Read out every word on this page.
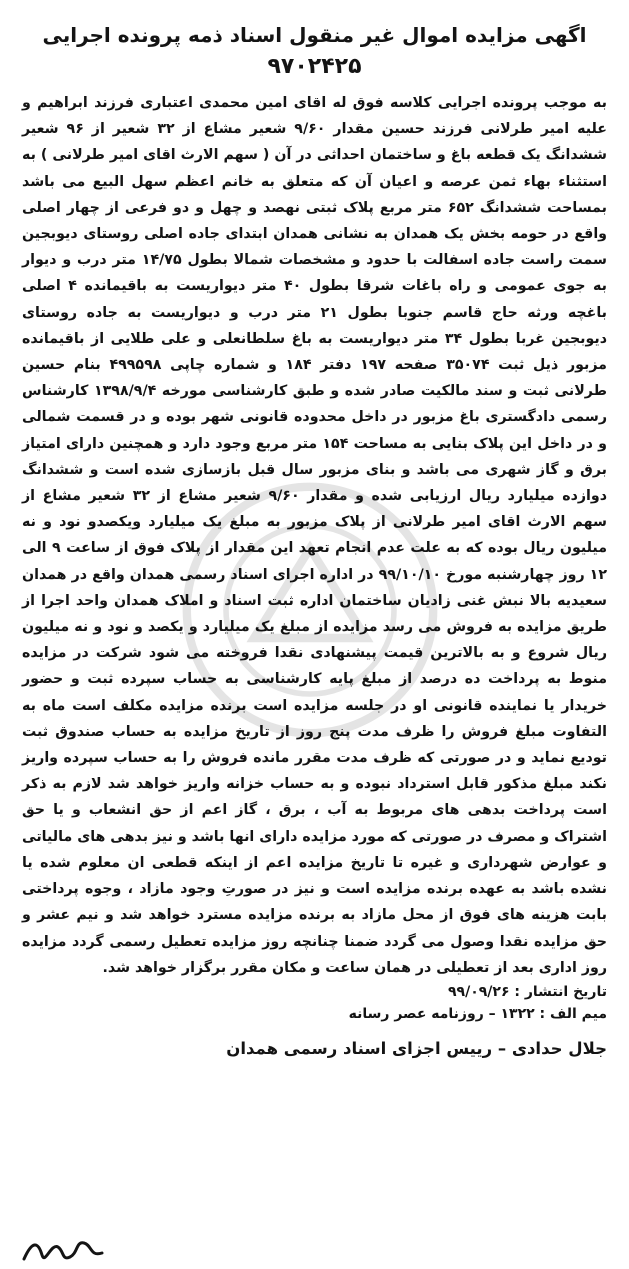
اگهی مزایده اموال غیر منقول اسناد ذمه پرونده اجرایی
۹۷۰۲۴۲۵

به موجب پرونده اجرایی کلاسه فوق له اقای امین محمدی اعتباری فرزند ابراهیم و علیه امیر طرلانی فرزند حسین مقدار ۹/۶۰ شعیر مشاع از ۳۲ شعیر از ۹۶ شعیر ششدانگ یک قطعه باغ و ساختمان احداثی در آن ( سهم الارث اقای امیر طرلانی ) به استثناء بهاء ثمن عرصه و اعیان آن که متعلق به خانم اعظم سهل البیع می باشد بمساحت ششدانگ ۶۵۲ متر مربع پلاک ثبتی نهصد و چهل و دو فرعی از چهار اصلی واقع در حومه بخش یک همدان به نشانی همدان ابتدای جاده اصلی روستای دیوبجین سمت راست جاده اسفالت با حدود و مشخصات شمالا بطول ۱۴/۷۵ متر درب و دیوار به جوی عمومی و راه باغات شرقا بطول ۴۰ متر دیواریست به باقیمانده ۴ اصلی باغچه ورثه حاج قاسم جنوبا بطول ۲۱ متر درب و دیواریست به جاده روستای دیوبجین غربا بطول ۳۴ متر دیواریست به باغ سلطانعلی و علی طلایی از باقیمانده مزبور ذیل ثبت ۳۵۰۷۴ صفحه ۱۹۷ دفتر ۱۸۴ و شماره چاپی ۴۹۹۵۹۸ بنام حسین طرلانی ثبت و سند مالکیت صادر شده و طبق کارشناسی مورخه ۱۳۹۸/۹/۴ کارشناس رسمی دادگستری باغ مزبور در داخل محدوده قانونی شهر بوده و در قسمت شمالی و در داخل این پلاک بنایی به مساحت ۱۵۴ متر مربع وجود دارد و همچنین دارای امتیاز برق و گاز شهری می باشد و بنای مزبور سال قبل بازسازی شده است و ششدانگ دوازده میلیارد ریال ارزیابی شده و مقدار ۹/۶۰ شعیر مشاع از ۳۲ شعیر مشاع از سهم الارث اقای امیر طرلانی از پلاک مزبور به مبلغ یک میلیارد ویکصدو نود و نه میلیون ریال بوده که به علت عدم انجام تعهد این مقدار از پلاک فوق از ساعت ۹ الی ۱۲ روز چهارشنبه مورخ ۹۹/۱۰/۱۰ در اداره اجرای اسناد رسمی همدان واقع در همدان سعیدیه بالا نبش غنی زادیان ساختمان اداره ثبت اسناد و املاک همدان واحد اجرا از طریق مزایده به فروش می رسد مزایده از مبلغ یک میلیارد و یکصد و نود و نه میلیون ریال شروع و به بالاترین قیمت پیشنهادی نقدا فروخته می شود شرکت در مزایده منوط به پرداخت ده درصد از مبلغ پایه کارشناسی به حساب سپرده ثبت و حضور خریدار یا نماینده قانونی او در جلسه مزایده است برنده مزایده مکلف است ماه به التفاوت مبلغ فروش را ظرف مدت پنج روز از تاریخ مزایده به حساب صندوق ثبت تودیع نماید و در صورتی که ظرف مدت مقرر مانده فروش را به حساب سپرده واریز نکند مبلغ مذکور قابل استرداد نبوده و به حساب خزانه واریز خواهد شد لازم به ذکر است پرداخت بدهی های مربوط به آب ، برق ، گاز اعم از حق انشعاب و یا حق اشتراک و مصرف در صورتی که مورد مزایده دارای انها باشد و نیز بدهی های مالیاتی و عوارض شهرداری و غیره تا تاریخ مزایده اعم از اینکه قطعی ان معلوم شده یا نشده باشد به عهده برنده مزایده است و نیز در صورتِ وجود مازاد ، وجوه پرداختی بابت هزینه های فوق از محل مازاد به برنده مزایده مسترد خواهد شد و نیم عشر و حق مزایده نقدا وصول می گردد ضمنا چنانچه روز مزایده تعطیل رسمی گردد مزایده روز اداری بعد از تعطیلی در همان ساعت و مکان مقرر برگزار خواهد شد.

تاریخ انتشار : ۹۹/۰۹/۲۶

میم الف : ۱۳۲۲ – روزنامه عصر رسانه

جلال حدادی – رییس اجزای اسناد رسمی همدان
